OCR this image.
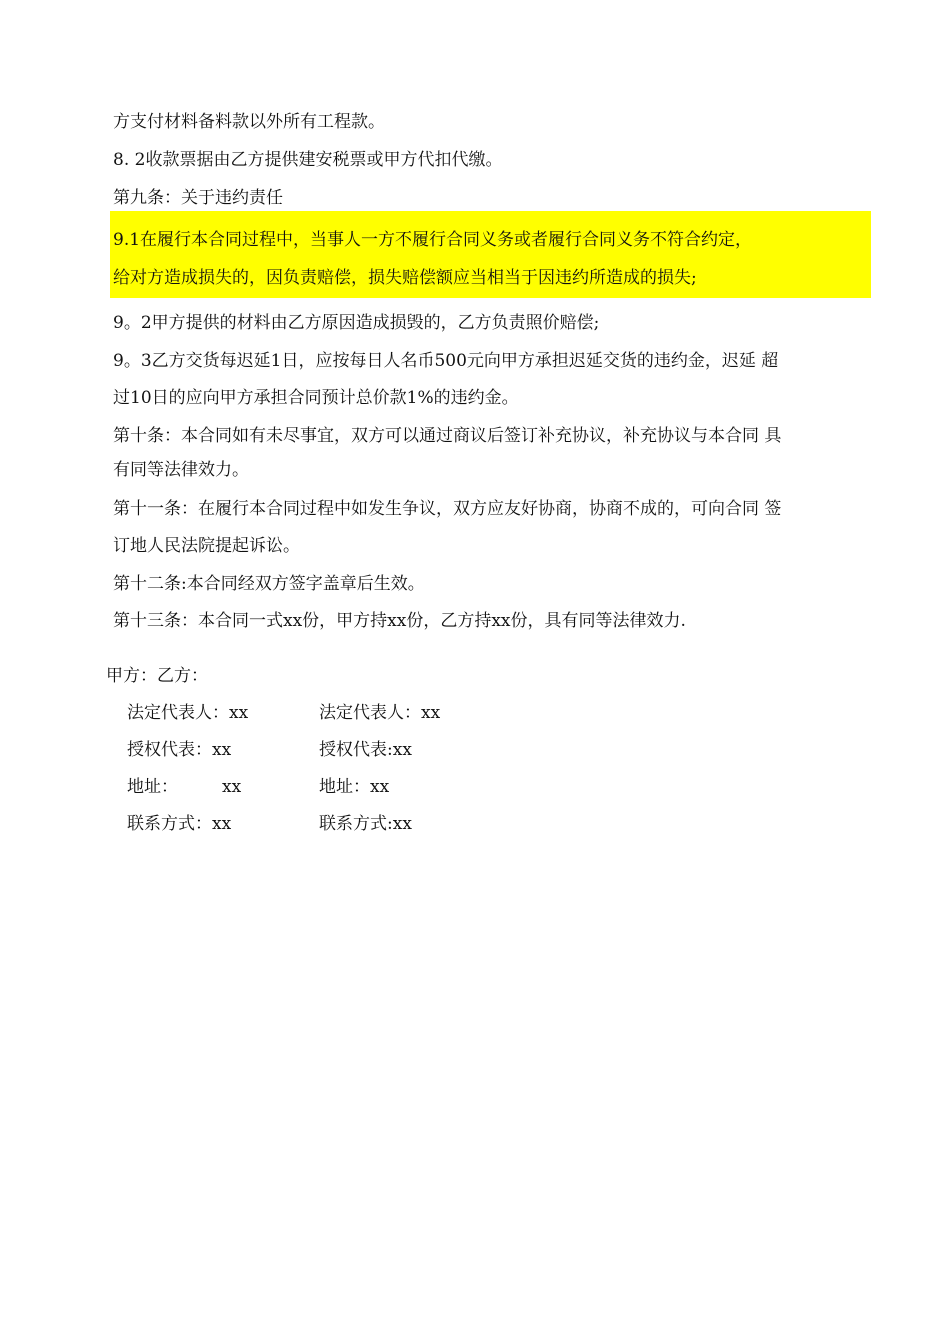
方支付材料备料款以外所有工程款。
8. 2收款票据由乙方提供建安税票或甲方代扣代缴。
第九条：关于违约责任
9.1在履行本合同过程中，当事人一方不履行合同义务或者履行合同义务不符合约定，
给对方造成损失的，因负责赔偿，损失赔偿额应当相当于因违约所造成的损失;
9。2甲方提供的材料由乙方原因造成损毁的，乙方负责照价赔偿;
9。3乙方交货每迟延1日，应按每日人名币500元向甲方承担迟延交货的违约金，迟延 超
过10日的应向甲方承担合同预计总价款1%的违约金。
第十条：本合同如有未尽事宜，双方可以通过商议后签订补充协议，补充协议与本合同 具
有同等法律效力。
第十一条：在履行本合同过程中如发生争议，双方应友好协商，协商不成的，可向合同 签
订地人民法院提起诉讼。
第十二条:本合同经双方签字盖章后生效。
第十三条：本合同一式xx份，甲方持xx份，乙方持xx份，具有同等法律效力.
甲方：乙方：
法定代表人：xx	法定代表人：xx
授权代表：xx	授权代表:xx
地址：	xx	地址：xx
联系方式：xx	联系方式:xx
